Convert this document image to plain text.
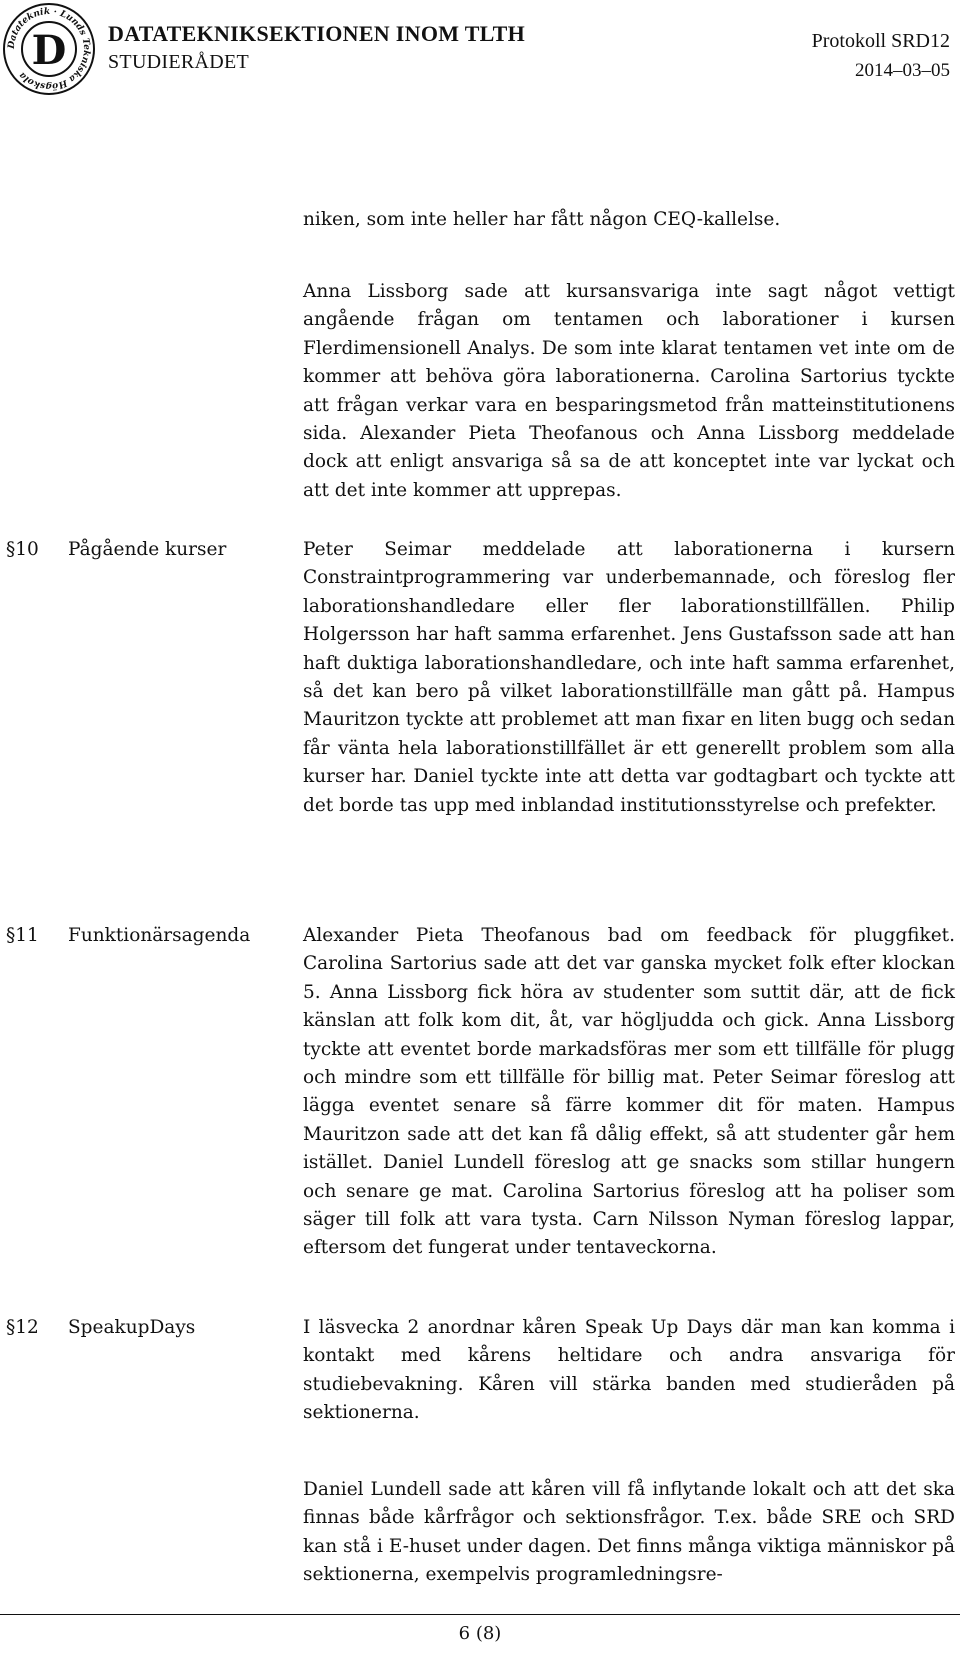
Datateknik · Lunds Tekniska Högskola
D DATATEKNIKSEKTIONEN INOM TLTH
STUDIERÅDET
Protokoll SRD12
2014–03–05

niken, som inte heller har fått någon CEQ-kallelse.

Anna Lissborg sade att kursansvariga inte sagt något vettigt angående frågan om tentamen och laborationer i kursen Flerdimensionell Analys. De som inte klarat tentamen vet inte om de kommer att behöva göra laborationerna. Carolina Sartorius tyckte att frågan verkar vara en besparingsmetod från matteinstitutionens sida. Alexander Pieta Theofanous och Anna Lissborg meddelade dock att enligt ansvariga så sa de att konceptet inte var lyckat och att det inte kommer att upprepas.

§10 Pågående kurser	Peter Seimar meddelade att laborationerna i kursern Constraintprogrammering var underbemannade, och föreslog fler laborationshandledare eller fler laborationstillfällen. Philip Holgersson har haft samma erfarenhet. Jens Gustafsson sade att han haft duktiga laborationshandledare, och inte haft samma erfarenhet, så det kan bero på vilket laborationstillfälle man gått på. Hampus Mauritzon tyckte att problemet att man fixar en liten bugg och sedan får vänta hela laborationstillfället är ett generellt problem som alla kurser har. Daniel tyckte inte att detta var godtagbart och tyckte att det borde tas upp med inblandad institutionsstyrelse och prefekter.

§11 Funktionärsagenda	Alexander Pieta Theofanous bad om feedback för pluggfiket. Carolina Sartorius sade att det var ganska mycket folk efter klockan 5. Anna Lissborg fick höra av studenter som suttit där, att de fick känslan att folk kom dit, åt, var högljudda och gick. Anna Lissborg tyckte att eventet borde markadsföras mer som ett tillfälle för plugg och mindre som ett tillfälle för billig mat. Peter Seimar föreslog att lägga eventet senare så färre kommer dit för maten. Hampus Mauritzon sade att det kan få dålig effekt, så att studenter går hem istället. Daniel Lundell föreslog att ge snacks som stillar hungern och senare ge mat. Carolina Sartorius föreslog att ha poliser som säger till folk att vara tysta. Carn Nilsson Nyman föreslog lappar, eftersom det fungerat under tentaveckorna.

§12 SpeakupDays	I läsvecka 2 anordnar kåren Speak Up Days där man kan komma i kontakt med kårens heltidare och andra ansvariga för studiebevakning. Kåren vill stärka banden med studieråden på sektionerna.

Daniel Lundell sade att kåren vill få inflytande lokalt och att det ska finnas både kårfrågor och sektionsfrågor. T.ex. både SRE och SRD kan stå i E-huset under dagen. Det finns många viktiga människor på sektionerna, exempelvis programledningsre-

6 (8)
